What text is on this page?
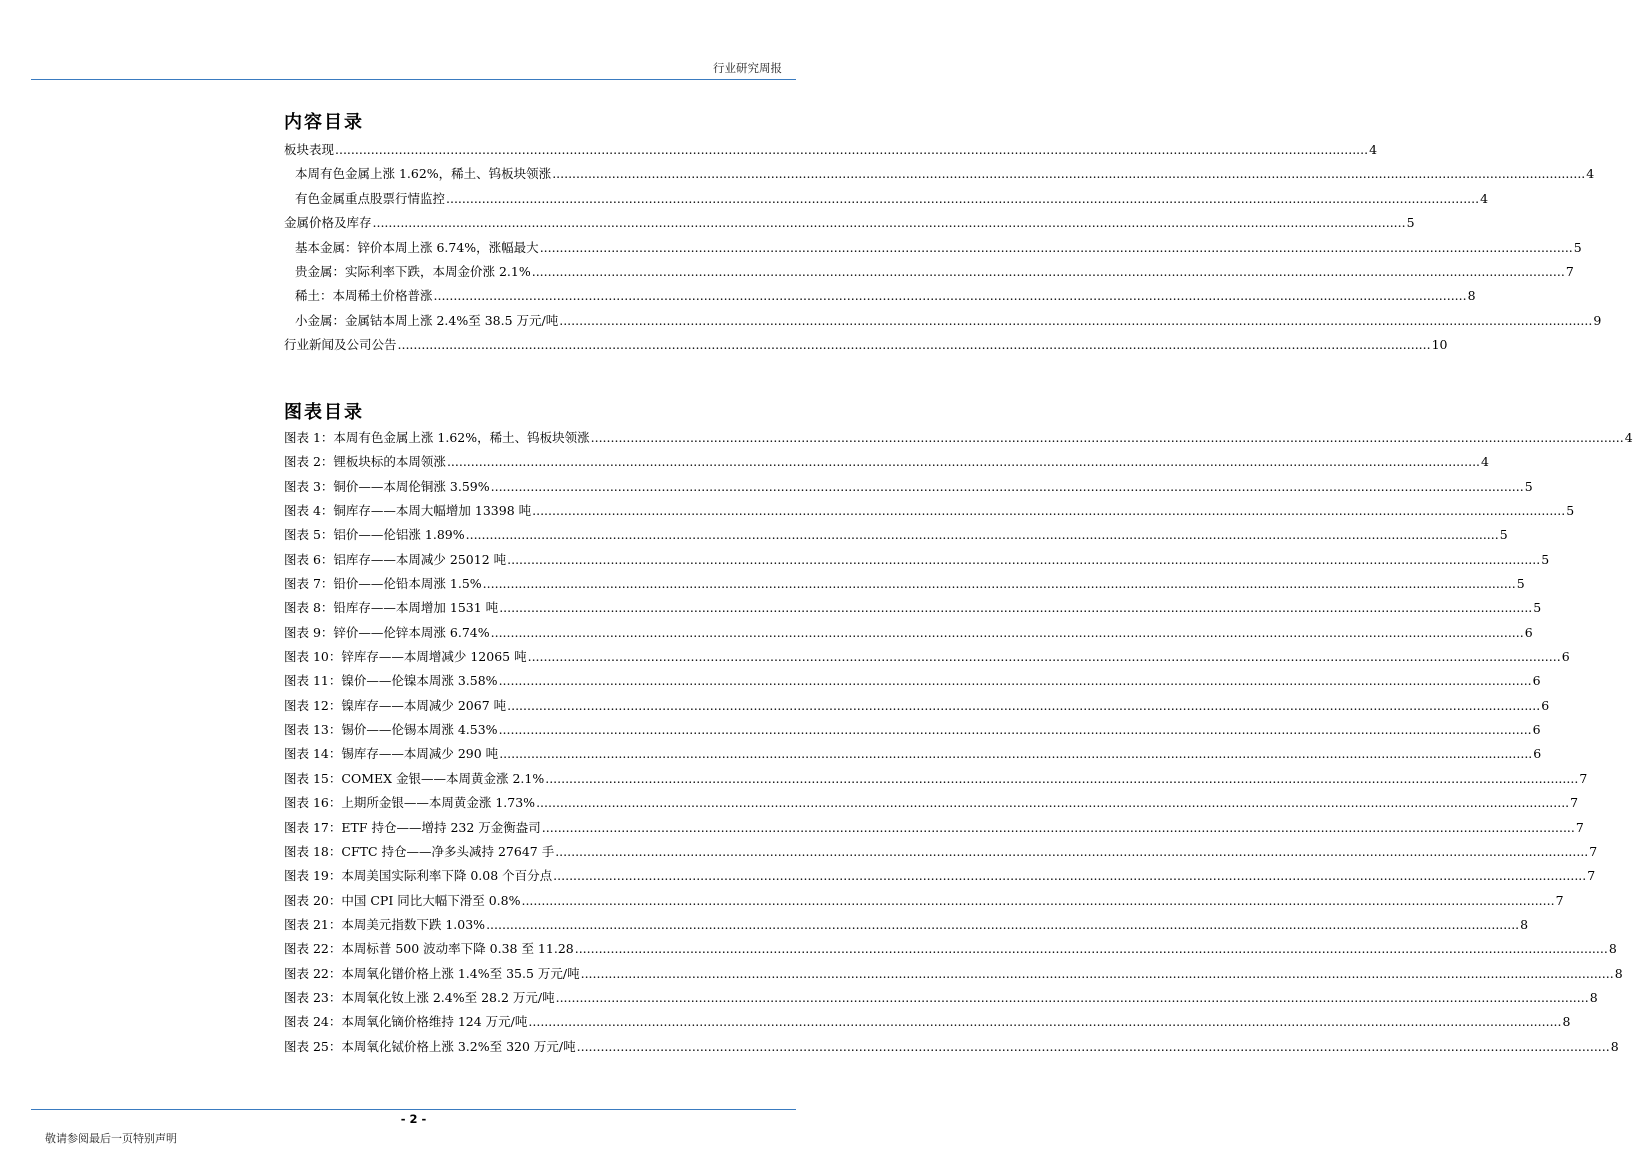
行业研究周报
内容目录
板块表现 .................................................................................................................................................................................................................................................................... 4
本周有色金属上涨 1.62%，稀土、钨板块领涨 .................................................................................................................................................................................................................................................................... 4
有色金属重点股票行情监控 .................................................................................................................................................................................................................................................................... 4
金属价格及库存 .................................................................................................................................................................................................................................................................... 5
基本金属：锌价本周上涨 6.74%，涨幅最大 .................................................................................................................................................................................................................................................................... 5
贵金属：实际利率下跌，本周金价涨 2.1% .................................................................................................................................................................................................................................................................... 7
稀土：本周稀土价格普涨 .................................................................................................................................................................................................................................................................... 8
小金属：金属钴本周上涨 2.4%至 38.5 万元/吨 .................................................................................................................................................................................................................................................................... 9
行业新闻及公司公告 .................................................................................................................................................................................................................................................................... 10
图表目录
图表 1：本周有色金属上涨 1.62%，稀土、钨板块领涨 .................................................................................................................................................................................................................................................................... 4
图表 2：锂板块标的本周领涨 .................................................................................................................................................................................................................................................................... 4
图表 3：铜价——本周伦铜涨 3.59% .................................................................................................................................................................................................................................................................... 5
图表 4：铜库存——本周大幅增加 13398 吨 .................................................................................................................................................................................................................................................................... 5
图表 5：铝价——伦铝涨 1.89% .................................................................................................................................................................................................................................................................... 5
图表 6：铝库存——本周减少 25012 吨 .................................................................................................................................................................................................................................................................... 5
图表 7：铅价——伦铅本周涨 1.5% .................................................................................................................................................................................................................................................................... 5
图表 8：铅库存——本周增加 1531 吨 .................................................................................................................................................................................................................................................................... 5
图表 9：锌价——伦锌本周涨 6.74% .................................................................................................................................................................................................................................................................... 6
图表 10：锌库存——本周增减少 12065 吨 .................................................................................................................................................................................................................................................................... 6
图表 11：镍价——伦镍本周涨 3.58% .................................................................................................................................................................................................................................................................... 6
图表 12：镍库存——本周减少 2067 吨 .................................................................................................................................................................................................................................................................... 6
图表 13：锡价——伦锡本周涨 4.53% .................................................................................................................................................................................................................................................................... 6
图表 14：锡库存——本周减少 290 吨 .................................................................................................................................................................................................................................................................... 6
图表 15：COMEX 金银——本周黄金涨 2.1% .................................................................................................................................................................................................................................................................... 7
图表 16：上期所金银——本周黄金涨 1.73% .................................................................................................................................................................................................................................................................... 7
图表 17：ETF 持仓——增持 232 万金衡盎司 .................................................................................................................................................................................................................................................................... 7
图表 18：CFTC 持仓——净多头减持 27647 手 .................................................................................................................................................................................................................................................................... 7
图表 19：本周美国实际利率下降 0.08 个百分点 .................................................................................................................................................................................................................................................................... 7
图表 20：中国 CPI 同比大幅下滑至 0.8% .................................................................................................................................................................................................................................................................... 7
图表 21：本周美元指数下跌 1.03% .................................................................................................................................................................................................................................................................... 8
图表 22：本周标普 500 波动率下降 0.38 至 11.28 .................................................................................................................................................................................................................................................................... 8
图表 22：本周氧化镨价格上涨 1.4%至 35.5 万元/吨 .................................................................................................................................................................................................................................................................... 8
图表 23：本周氧化钕上涨 2.4%至 28.2 万元/吨 .................................................................................................................................................................................................................................................................... 8
图表 24：本周氧化镝价格维持 124 万元/吨 .................................................................................................................................................................................................................................................................... 8
图表 25：本周氧化铽价格上涨 3.2%至 320 万元/吨 .................................................................................................................................................................................................................................................................... 8
- 2 -
敬请参阅最后一页特别声明
